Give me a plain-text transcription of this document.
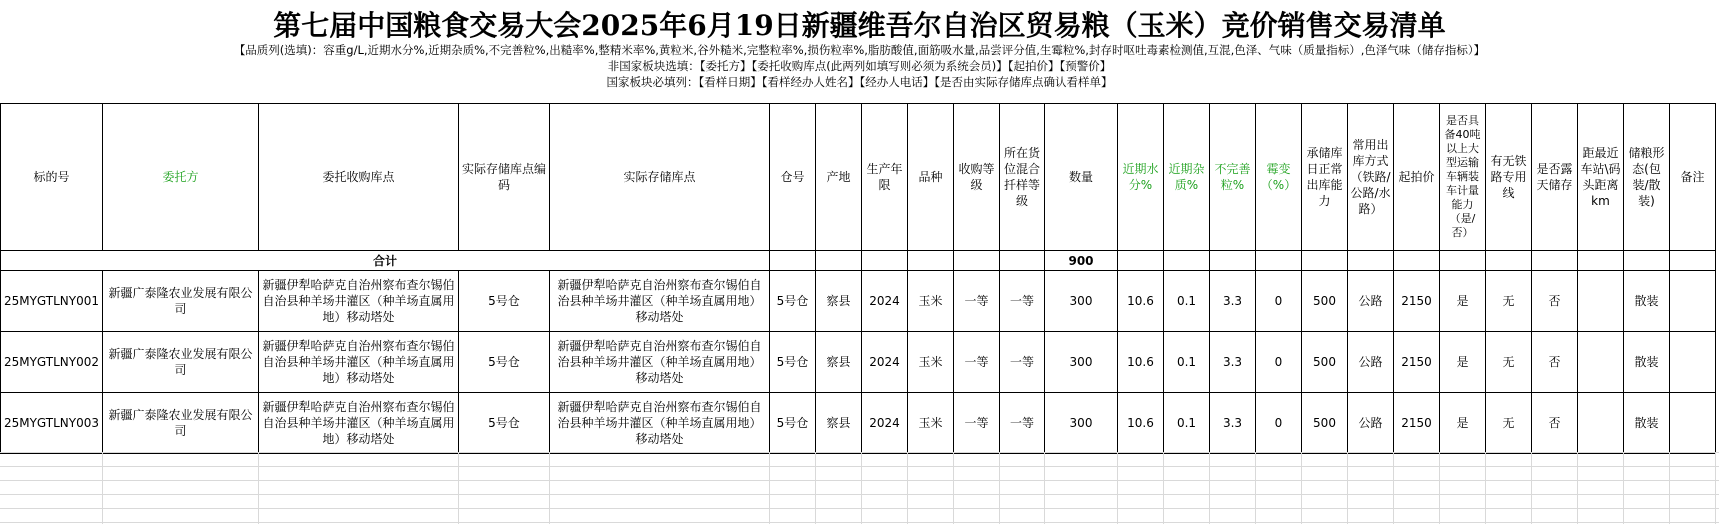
第七届中国粮食交易大会2025年6月19日新疆维吾尔自治区贸易粮（玉米）竞价销售交易清单
【品质列(选填)：容重g/L,近期水分%,近期杂质%,不完善粒%,出糙率%,整精米率%,黄粒米,谷外糙米,完整粒率%,损伤粒率%,脂肪酸值,面筋吸水量,品尝评分值,生霉粒%,封存时呕吐毒素检测值,互混,色泽、气味（质量指标）,色泽气味（储存指标）】
非国家板块选填：【委托方】【委托收购库点(此两列如填写则必须为系统会员)】【起拍价】【预警价】
国家板块必填列：【看样日期】【看样经办人姓名】【经办人电话】【是否由实际存储库点确认看样单】
标的号	委托方	委托收购库点	实际存储库点编码	实际存储库点	仓号	产地	生产年限	品种	收购等级	所在货位混合扦样等级	数量	近期水分%	近期杂质%	不完善粒%	霉变（%）	承储库日正常出库能力	常用出库方式（铁路/公路/水路）	起拍价	是否具备40吨以上大型运输车辆装车计量能力（是/否）	有无铁路专用线	是否露天储存	距最近车站\码头距离km	储粮形态(包装/散装)	备注
合计											900													
25MYGTLNY001	新疆广泰隆农业发展有限公司	新疆伊犁哈萨克自治州察布查尔锡伯自治县种羊场井灌区（种羊场直属用地）移动塔处	5号仓	新疆伊犁哈萨克自治州察布查尔锡伯自治县种羊场井灌区（种羊场直属用地）移动塔处	5号仓	察县	2024	玉米	一等	一等	300	10.6	0.1	3.3	0	500	公路	2150	是	无	否		散装	
25MYGTLNY002	新疆广泰隆农业发展有限公司	新疆伊犁哈萨克自治州察布查尔锡伯自治县种羊场井灌区（种羊场直属用地）移动塔处	5号仓	新疆伊犁哈萨克自治州察布查尔锡伯自治县种羊场井灌区（种羊场直属用地）移动塔处	5号仓	察县	2024	玉米	一等	一等	300	10.6	0.1	3.3	0	500	公路	2150	是	无	否		散装	
25MYGTLNY003	新疆广泰隆农业发展有限公司	新疆伊犁哈萨克自治州察布查尔锡伯自治县种羊场井灌区（种羊场直属用地）移动塔处	5号仓	新疆伊犁哈萨克自治州察布查尔锡伯自治县种羊场井灌区（种羊场直属用地）移动塔处	5号仓	察县	2024	玉米	一等	一等	300	10.6	0.1	3.3	0	500	公路	2150	是	无	否		散装	
